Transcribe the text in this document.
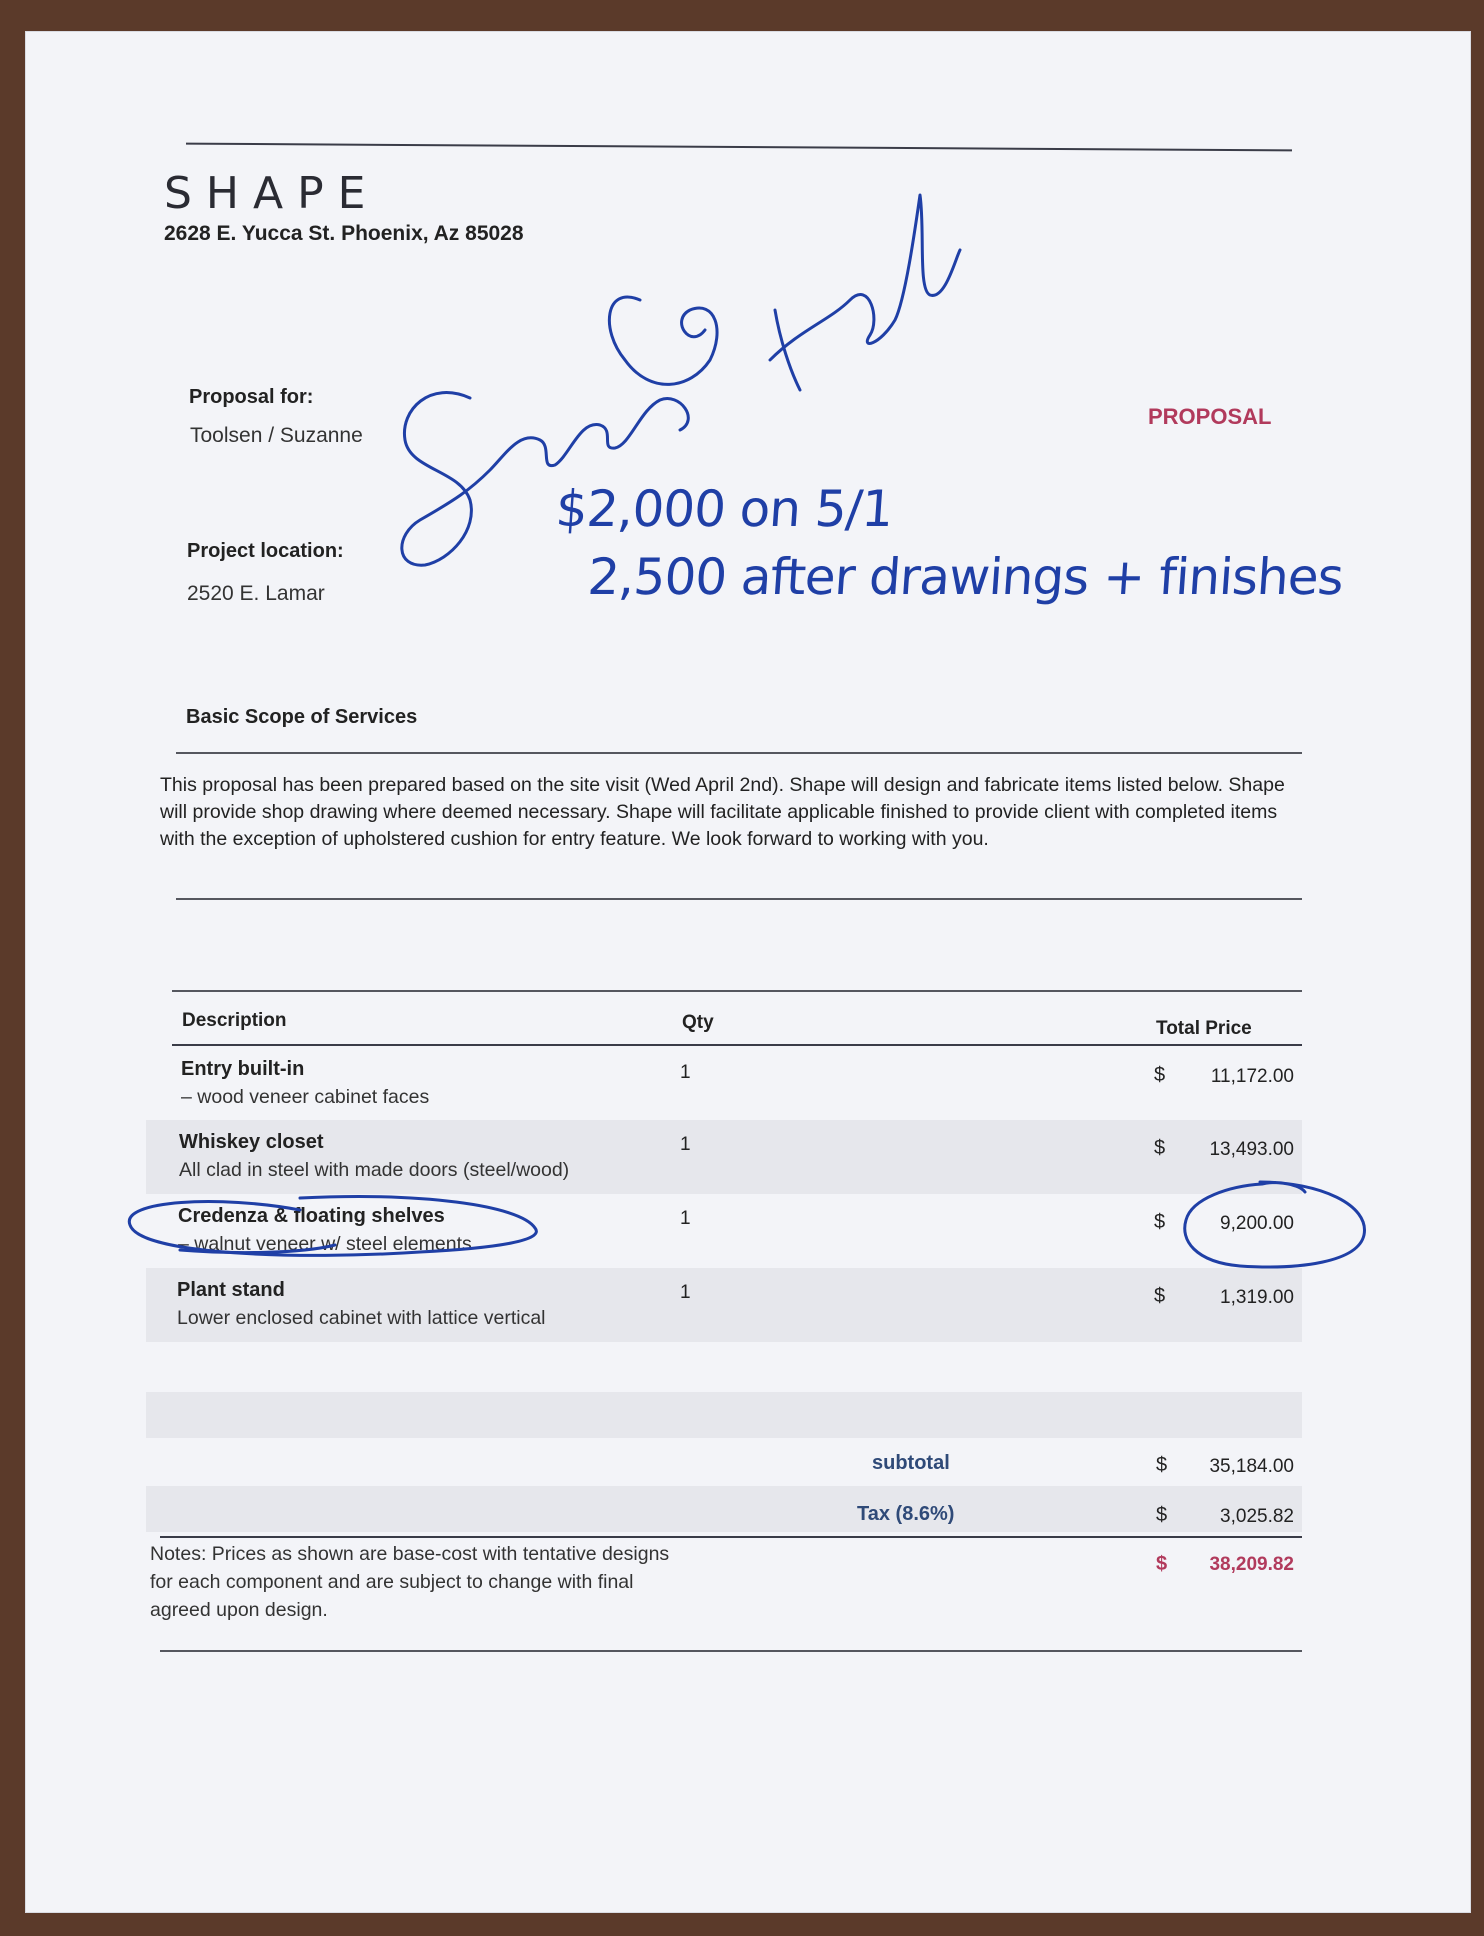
SHAPE
2628 E. Yucca St. Phoenix, Az 85028
Proposal for:
Toolsen / Suzanne
Project location:
2520 E. Lamar
PROPOSAL
Basic Scope of Services
This proposal has been prepared based on the site visit (Wed April 2nd). Shape will design and fabricate items listed below. Shape will provide shop drawing where deemed necessary. Shape will facilitate applicable finished to provide client with completed items with the exception of upholstered cushion for entry feature. We look forward to working with you.
Description	Qty	Total Price
Entry built-in
– wood veneer cabinet faces
1	$	11,172.00
Whiskey closet
All clad in steel with made doors (steel/wood)
1	$	13,493.00
Credenza & floating shelves
– walnut veneer w/ steel elements
1	$	9,200.00
Plant stand
Lower enclosed cabinet with lattice vertical
1	$	1,319.00
subtotal	$	35,184.00
Tax (8.6%)	$	3,025.82
$	38,209.82
Notes: Prices as shown are base-cost with tentative designs for each component and are subject to change with final agreed upon design.
$2,000 on 5/1
2,500 after drawings + finishes
